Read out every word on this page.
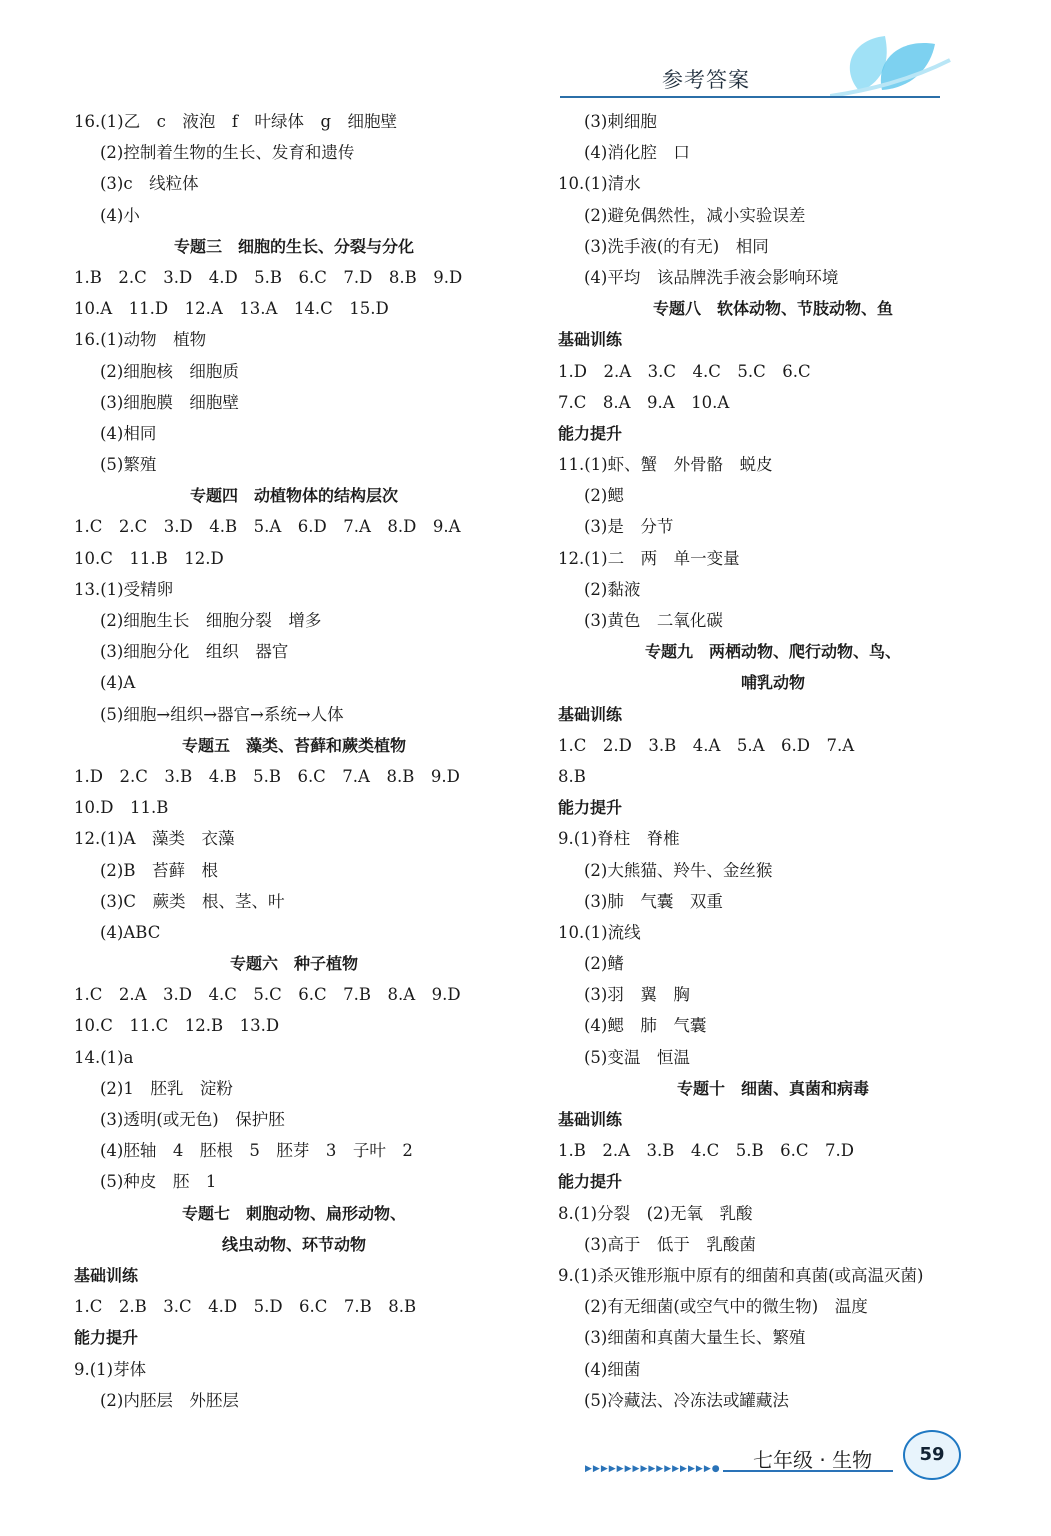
参考答案
16.(1)乙　c　液泡　f　叶绿体　g　细胞壁
(2)控制着生物的生长、发育和遗传
(3)c　线粒体
(4)小
专题三　细胞的生长、分裂与分化
1.B　2.C　3.D　4.D　5.B　6.C　7.D　8.B　9.D
10.A　11.D　12.A　13.A　14.C　15.D
16.(1)动物　植物
(2)细胞核　细胞质
(3)细胞膜　细胞壁
(4)相同
(5)繁殖
专题四　动植物体的结构层次
1.C　2.C　3.D　4.B　5.A　6.D　7.A　8.D　9.A
10.C　11.B　12.D
13.(1)受精卵
(2)细胞生长　细胞分裂　增多
(3)细胞分化　组织　器官
(4)A
(5)细胞→组织→器官→系统→人体
专题五　藻类、苔藓和蕨类植物
1.D　2.C　3.B　4.B　5.B　6.C　7.A　8.B　9.D
10.D　11.B
12.(1)A　藻类　衣藻
(2)B　苔藓　根
(3)C　蕨类　根、茎、叶
(4)ABC
专题六　种子植物
1.C　2.A　3.D　4.C　5.C　6.C　7.B　8.A　9.D
10.C　11.C　12.B　13.D
14.(1)a
(2)1　胚乳　淀粉
(3)透明(或无色)　保护胚
(4)胚轴　4　胚根　5　胚芽　3　子叶　2
(5)种皮　胚　1
专题七　刺胞动物、扁形动物、
线虫动物、环节动物
基础训练
1.C　2.B　3.C　4.D　5.D　6.C　7.B　8.B
能力提升
9.(1)芽体
(2)内胚层　外胚层
(3)刺细胞
(4)消化腔　口
10.(1)清水
(2)避免偶然性，减小实验误差
(3)洗手液(的有无)　相同
(4)平均　该品牌洗手液会影响环境
专题八　软体动物、节肢动物、鱼
基础训练
1.D　2.A　3.C　4.C　5.C　6.C
7.C　8.A　9.A　10.A
能力提升
11.(1)虾、蟹　外骨骼　蜕皮
(2)鳃
(3)是　分节
12.(1)二　两　单一变量
(2)黏液
(3)黄色　二氧化碳
专题九　两栖动物、爬行动物、鸟、
哺乳动物
基础训练
1.C　2.D　3.B　4.A　5.A　6.D　7.A
8.B
能力提升
9.(1)脊柱　脊椎
(2)大熊猫、羚牛、金丝猴
(3)肺　气囊　双重
10.(1)流线
(2)鳍
(3)羽　翼　胸
(4)鳃　肺　气囊
(5)变温　恒温
专题十　细菌、真菌和病毒
基础训练
1.B　2.A　3.B　4.C　5.B　6.C　7.D
能力提升
8.(1)分裂　(2)无氧　乳酸
(3)高于　低于　乳酸菌
9.(1)杀灭锥形瓶中原有的细菌和真菌(或高温灭菌)
(2)有无细菌(或空气中的微生物)　温度
(3)细菌和真菌大量生长、繁殖
(4)细菌
(5)冷藏法、冷冻法或罐藏法
▶▶▶▶▶▶▶▶▶▶▶▶▶▶▶▶● 七年级 · 生物	59
